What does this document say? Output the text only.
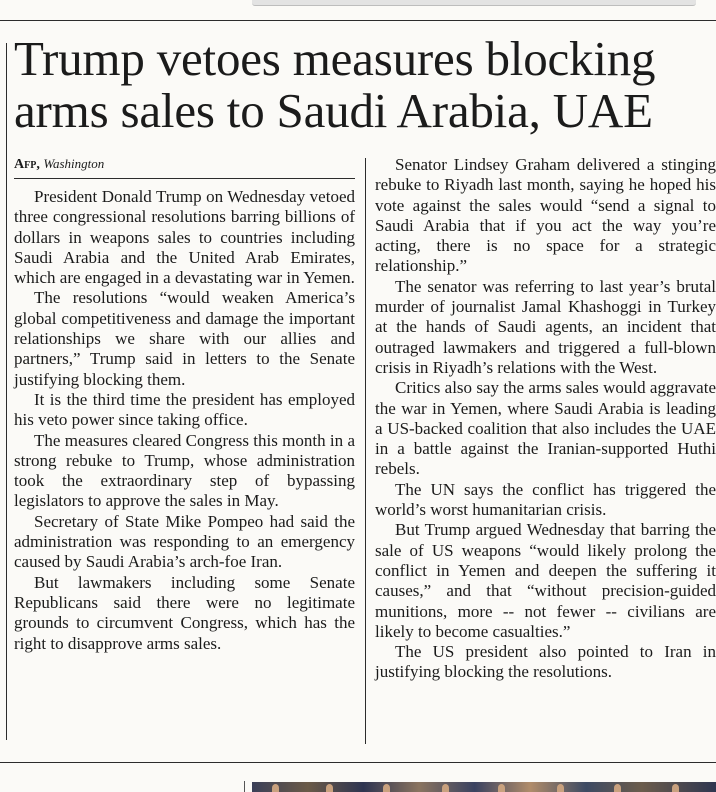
Trump vetoes measures blocking
arms sales to Saudi Arabia, UAE
Afp, Washington

President Donald Trump on Wednesday vetoed three congressional resolutions barring billions of dollars in weapons sales to countries including Saudi Arabia and the United Arab Emirates, which are engaged in a devastating war in Yemen.

The resolutions “would weaken America’s global competitiveness and damage the important relationships we share with our allies and partners,” Trump said in letters to the Senate justifying blocking them.

It is the third time the president has employed his veto power since taking office.

The measures cleared Congress this month in a strong rebuke to Trump, whose administration took the extraordinary step of bypassing legislators to approve the sales in May.

Secretary of State Mike Pompeo had said the administration was responding to an emergency caused by Saudi Arabia’s arch-foe Iran.

But lawmakers including some Senate Republicans said there were no legitimate grounds to circumvent Congress, which has the right to disapprove arms sales.

Senator Lindsey Graham delivered a stinging rebuke to Riyadh last month, saying he hoped his vote against the sales would “send a signal to Saudi Arabia that if you act the way you’re acting, there is no space for a strategic relationship.”

The senator was referring to last year’s brutal murder of journalist Jamal Khashoggi in Turkey at the hands of Saudi agents, an incident that outraged lawmakers and triggered a full-blown crisis in Riyadh’s relations with the West.

Critics also say the arms sales would aggravate the war in Yemen, where Saudi Arabia is leading a US-backed coalition that also includes the UAE in a battle against the Iranian-supported Huthi rebels.

The UN says the conflict has triggered the world’s worst humanitarian crisis.

But Trump argued Wednesday that barring the sale of US weapons “would likely prolong the conflict in Yemen and deepen the suffering it causes,” and that “without precision-guided munitions, more -- not fewer -- civilians are likely to become casualties.”

The US president also pointed to Iran in justifying blocking the resolutions.
